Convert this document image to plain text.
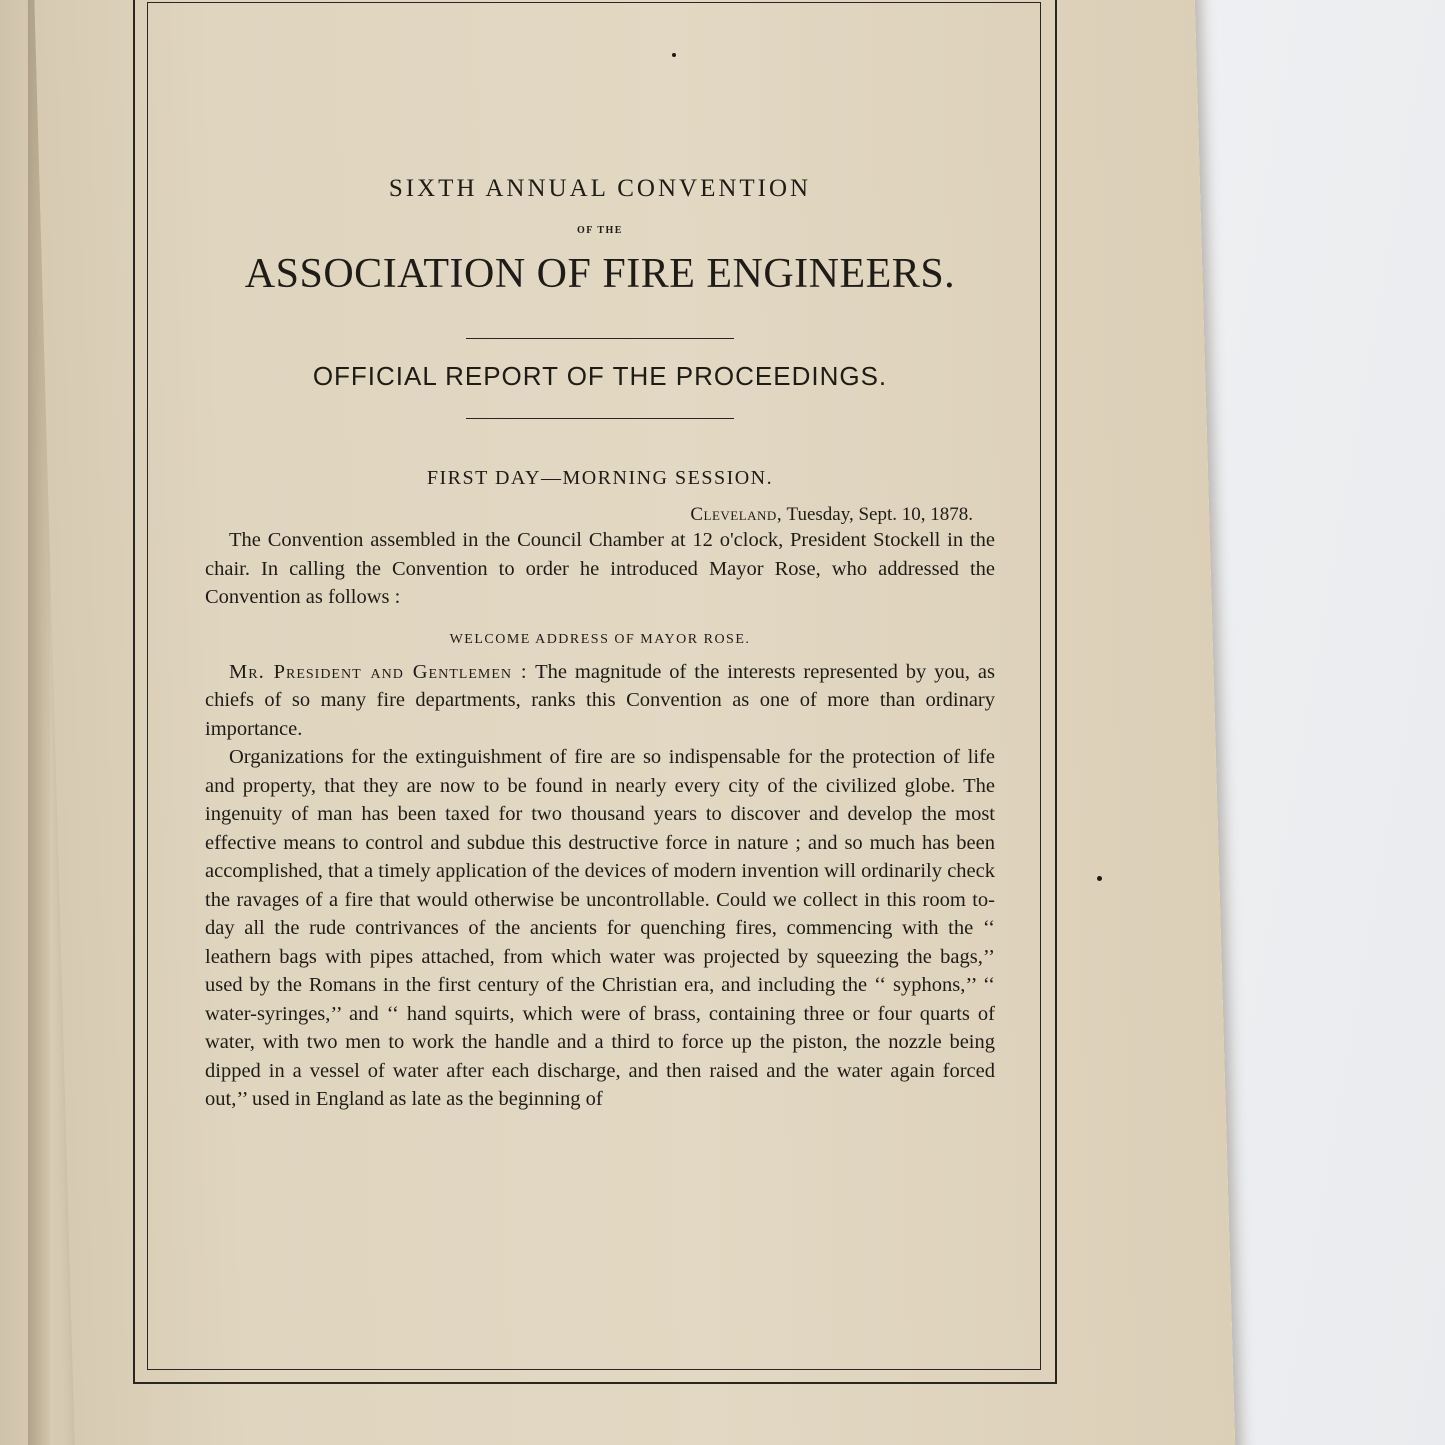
SIXTH ANNUAL CONVENTION

OF THE

ASSOCIATION OF FIRE ENGINEERS.
OFFICIAL REPORT OF THE PROCEEDINGS.

FIRST DAY—MORNING SESSION.

Cleveland, Tuesday, Sept. 10, 1878.

The Convention assembled in the Council Chamber at 12 o'clock, President Stockell in the chair. In calling the Convention to order he introduced Mayor Rose, who addressed the Convention as follows :

WELCOME ADDRESS OF MAYOR ROSE.

Mr. President and Gentlemen : The magnitude of the interests represented by you, as chiefs of so many fire departments, ranks this Convention as one of more than ordinary importance.

Organizations for the extinguishment of fire are so indispensable for the protection of life and property, that they are now to be found in nearly every city of the civilized globe. The ingenuity of man has been taxed for two thousand years to discover and develop the most effective means to control and subdue this destructive force in nature ; and so much has been accomplished, that a timely application of the devices of modern invention will ordinarily check the ravages of a fire that would otherwise be uncontrollable. Could we collect in this room to-day all the rude contrivances of the ancients for quenching fires, commencing with the ‘‘ leathern bags with pipes attached, from which water was projected by squeezing the bags,’’ used by the Romans in the first century of the Christian era, and including the ‘‘ syphons,’’ ‘‘ water-syringes,’’ and ‘‘ hand squirts, which were of brass, containing three or four quarts of water, with two men to work the handle and a third to force up the piston, the nozzle being dipped in a vessel of water after each discharge, and then raised and the water again forced out,’’ used in England as late as the beginning of
